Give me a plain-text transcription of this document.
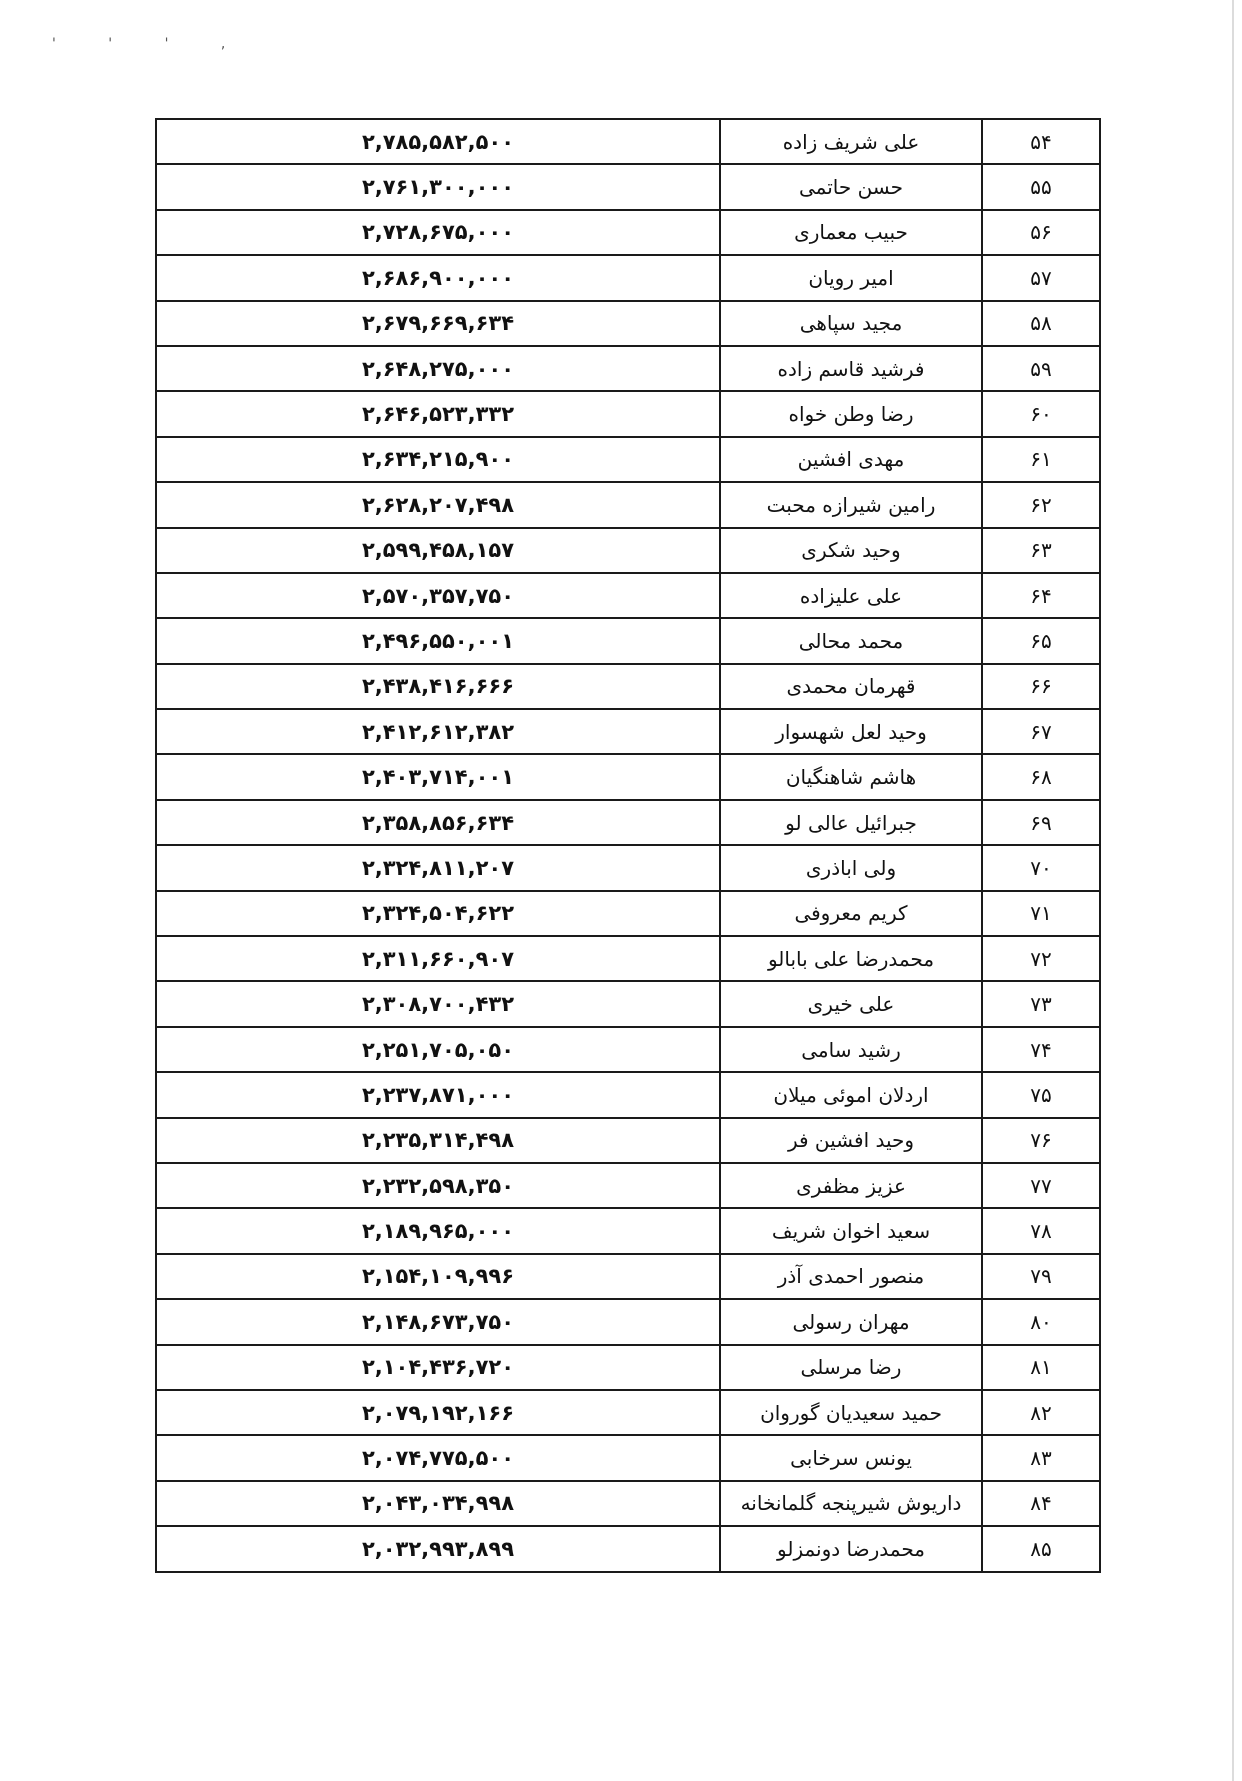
' ' ' ,
۵۴	علی شریف زاده	۲,۷۸۵,۵۸۲,۵۰۰
۵۵	حسن حاتمی	۲,۷۶۱,۳۰۰,۰۰۰
۵۶	حبیب معماری	۲,۷۲۸,۶۷۵,۰۰۰
۵۷	امیر رویان	۲,۶۸۶,۹۰۰,۰۰۰
۵۸	مجید سپاهی	۲,۶۷۹,۶۶۹,۶۳۴
۵۹	فرشید قاسم زاده	۲,۶۴۸,۲۷۵,۰۰۰
۶۰	رضا وطن خواه	۲,۶۴۶,۵۲۳,۳۳۲
۶۱	مهدی افشین	۲,۶۳۴,۲۱۵,۹۰۰
۶۲	رامین شیرازه محبت	۲,۶۲۸,۲۰۷,۴۹۸
۶۳	وحید شکری	۲,۵۹۹,۴۵۸,۱۵۷
۶۴	علی علیزاده	۲,۵۷۰,۳۵۷,۷۵۰
۶۵	محمد محالی	۲,۴۹۶,۵۵۰,۰۰۱
۶۶	قهرمان محمدی	۲,۴۳۸,۴۱۶,۶۶۶
۶۷	وحید لعل شهسوار	۲,۴۱۲,۶۱۲,۳۸۲
۶۸	هاشم شاهنگیان	۲,۴۰۳,۷۱۴,۰۰۱
۶۹	جبرائیل عالی لو	۲,۳۵۸,۸۵۶,۶۳۴
۷۰	ولی اباذری	۲,۳۲۴,۸۱۱,۲۰۷
۷۱	کریم معروفی	۲,۳۲۴,۵۰۴,۶۲۲
۷۲	محمدرضا علی بابالو	۲,۳۱۱,۶۶۰,۹۰۷
۷۳	علی خیری	۲,۳۰۸,۷۰۰,۴۳۲
۷۴	رشید سامی	۲,۲۵۱,۷۰۵,۰۵۰
۷۵	اردلان اموئی میلان	۲,۲۳۷,۸۷۱,۰۰۰
۷۶	وحید افشین فر	۲,۲۳۵,۳۱۴,۴۹۸
۷۷	عزیز مظفری	۲,۲۳۲,۵۹۸,۳۵۰
۷۸	سعید اخوان شریف	۲,۱۸۹,۹۶۵,۰۰۰
۷۹	منصور احمدی آذر	۲,۱۵۴,۱۰۹,۹۹۶
۸۰	مهران رسولی	۲,۱۴۸,۶۷۳,۷۵۰
۸۱	رضا مرسلی	۲,۱۰۴,۴۳۶,۷۲۰
۸۲	حمید سعیدیان گوروان	۲,۰۷۹,۱۹۲,۱۶۶
۸۳	یونس سرخابی	۲,۰۷۴,۷۷۵,۵۰۰
۸۴	داریوش شیرپنجه گلمانخانه	۲,۰۴۳,۰۳۴,۹۹۸
۸۵	محمدرضا دونمزلو	۲,۰۳۲,۹۹۳,۸۹۹
